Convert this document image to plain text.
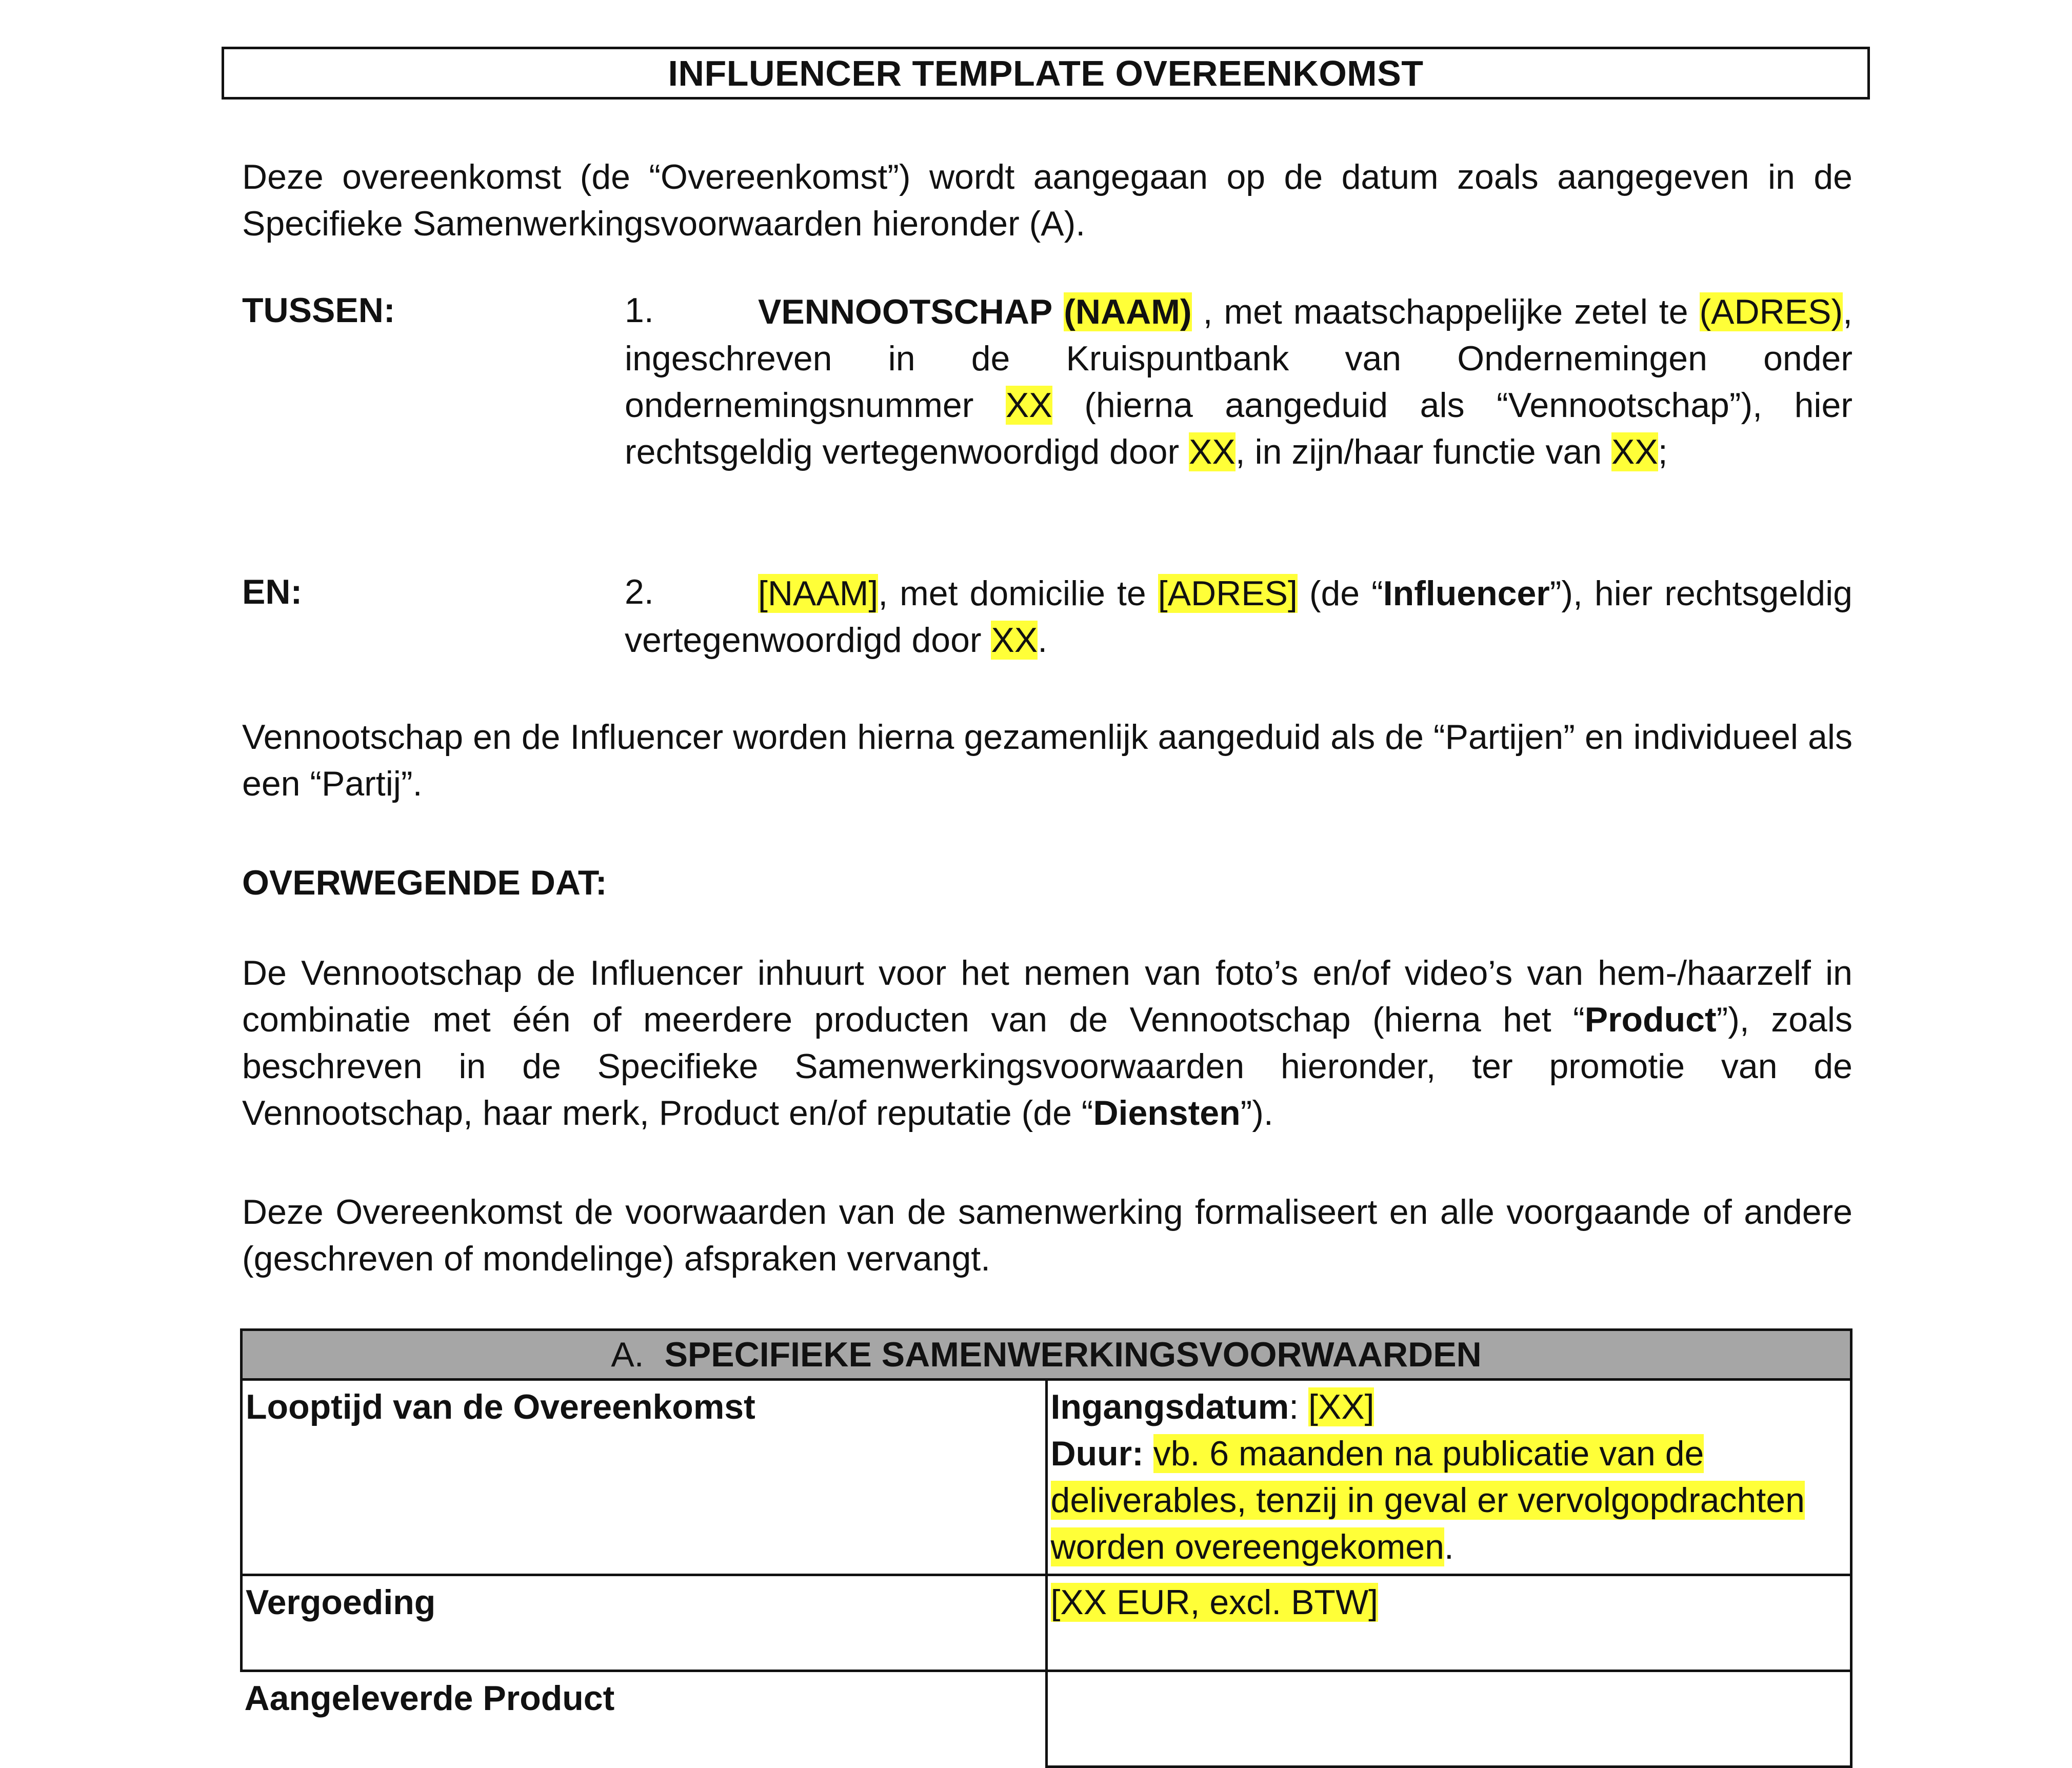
INFLUENCER TEMPLATE OVEREENKOMST
Deze overeenkomst (de “Overeenkomst”) wordt aangegaan op de datum zoals aangegeven in de Specifieke Samenwerkingsvoorwaarden hieronder (A).
TUSSEN:	1.	VENNOOTSCHAP (NAAM) , met maatschappelijke zetel te (ADRES), ingeschreven in de Kruispuntbank van Ondernemingen onder ondernemingsnummer XX (hierna aangeduid als “Vennootschap”), hier rechtsgeldig vertegenwoordigd door XX, in zijn/haar functie van XX;
EN:	2.	[NAAM], met domicilie te [ADRES] (de “Influencer”), hier rechtsgeldig vertegenwoordigd door XX.
Vennootschap en de Influencer worden hierna gezamenlijk aangeduid als de “Partijen” en individueel als een “Partij”.
OVERWEGENDE DAT:
De Vennootschap de Influencer inhuurt voor het nemen van foto’s en/of video’s van hem-/haarzelf in combinatie met één of meerdere producten van de Vennootschap (hierna het “Product”), zoals beschreven in de Specifieke Samenwerkingsvoorwaarden hieronder, ter promotie van de Vennootschap, haar merk, Product en/of reputatie (de “Diensten”).
Deze Overeenkomst de voorwaarden van de samenwerking formaliseert en alle voorgaande of andere (geschreven of mondelinge) afspraken vervangt.
A. SPECIFIEKE SAMENWERKINGSVOORWAARDEN	
Looptijd van de Overeenkomst	Ingangsdatum: [XX]
Duur: vb. 6 maanden na publicatie van de deliverables, tenzij in geval er vervolgopdrachten worden overeengekomen.
Vergoeding	[XX EUR, excl. BTW]
Aangeleverde Product	
